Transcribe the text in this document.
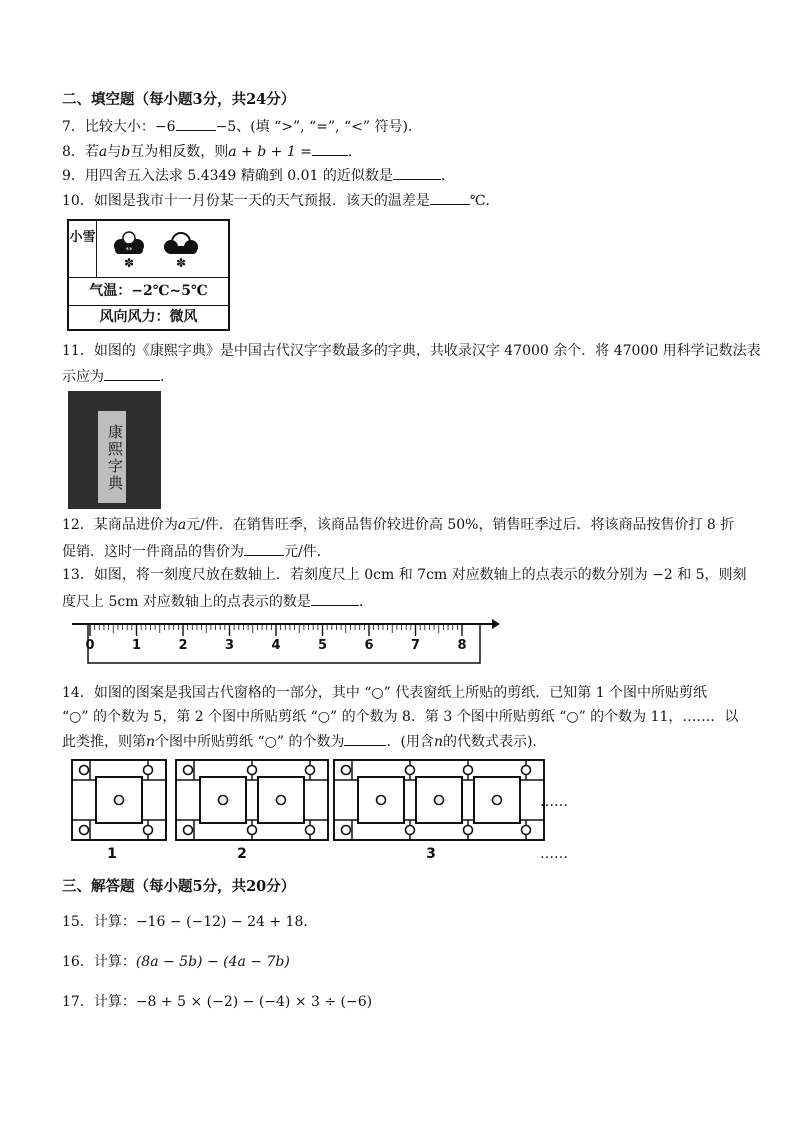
二、填空题（每小题3分，共24分）
7．比较大小：−6	−5、(填 “>”, “=”, “<” 符号)．
8．若a与b互为相反数，则a + b + 1 =	．
9．用四舍五入法求 5.4349 精确到 0.01 的近似数是	．
10．如图是我市十一月份某一天的天气预报．该天的温差是	℃．
小雪
**
✽	✽
气温：−2℃~5℃
风向风力：微风
11．如图的《康熙字典》是中国古代汉字字数最多的字典，共收录汉字 47000 余个．将 47000 用科学记数法表
示应为	．
康熙字典
12．某商品进价为a元/件．在销售旺季，该商品售价较进价高 50%，销售旺季过后．将该商品按售价打 8 折
促销．这时一件商品的售价为	元/件．
13．如图，将一刻度尺放在数轴上．若刻度尺上 0cm 和 7cm 对应数轴上的点表示的数分别为 −2 和 5，则刻
度尺上 5cm 对应数轴上的点表示的数是	．
0	1	2	3	4	5	6	7	8
14．如图的图案是我国古代窗格的一部分，其中 “○” 代表窗纸上所贴的剪纸．已知第 1 个图中所贴剪纸
“○” 的个数为 5，第 2 个图中所贴剪纸 “○” 的个数为 8．第 3 个图中所贴剪纸 “○” 的个数为 11，……．以
此类推，则第n个图中所贴剪纸 “○” 的个数为	．(用含n的代数式表示)．
……
……
1	2	3
三、解答题（每小题5分，共20分）
15．计算：−16 − (−12) − 24 + 18．
16．计算：(8a − 5b) − (4a − 7b)
17．计算：−8 + 5 × (−2) − (−4) × 3 ÷ (−6)
